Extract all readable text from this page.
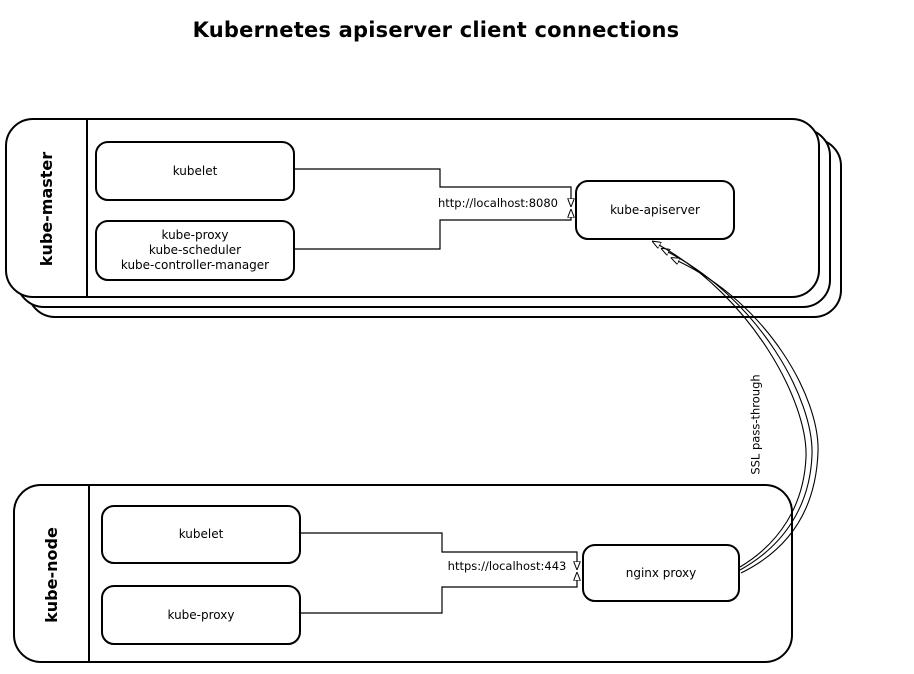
Kubernetes apiserver client connections
kube-master	kubelet
kube-proxy
kube-scheduler
kube-controller-manager
kube-apiserver
kube-node	kubelet
kube-proxy
nginx proxy
http://localhost:8080
https://localhost:443
SSL pass-through
